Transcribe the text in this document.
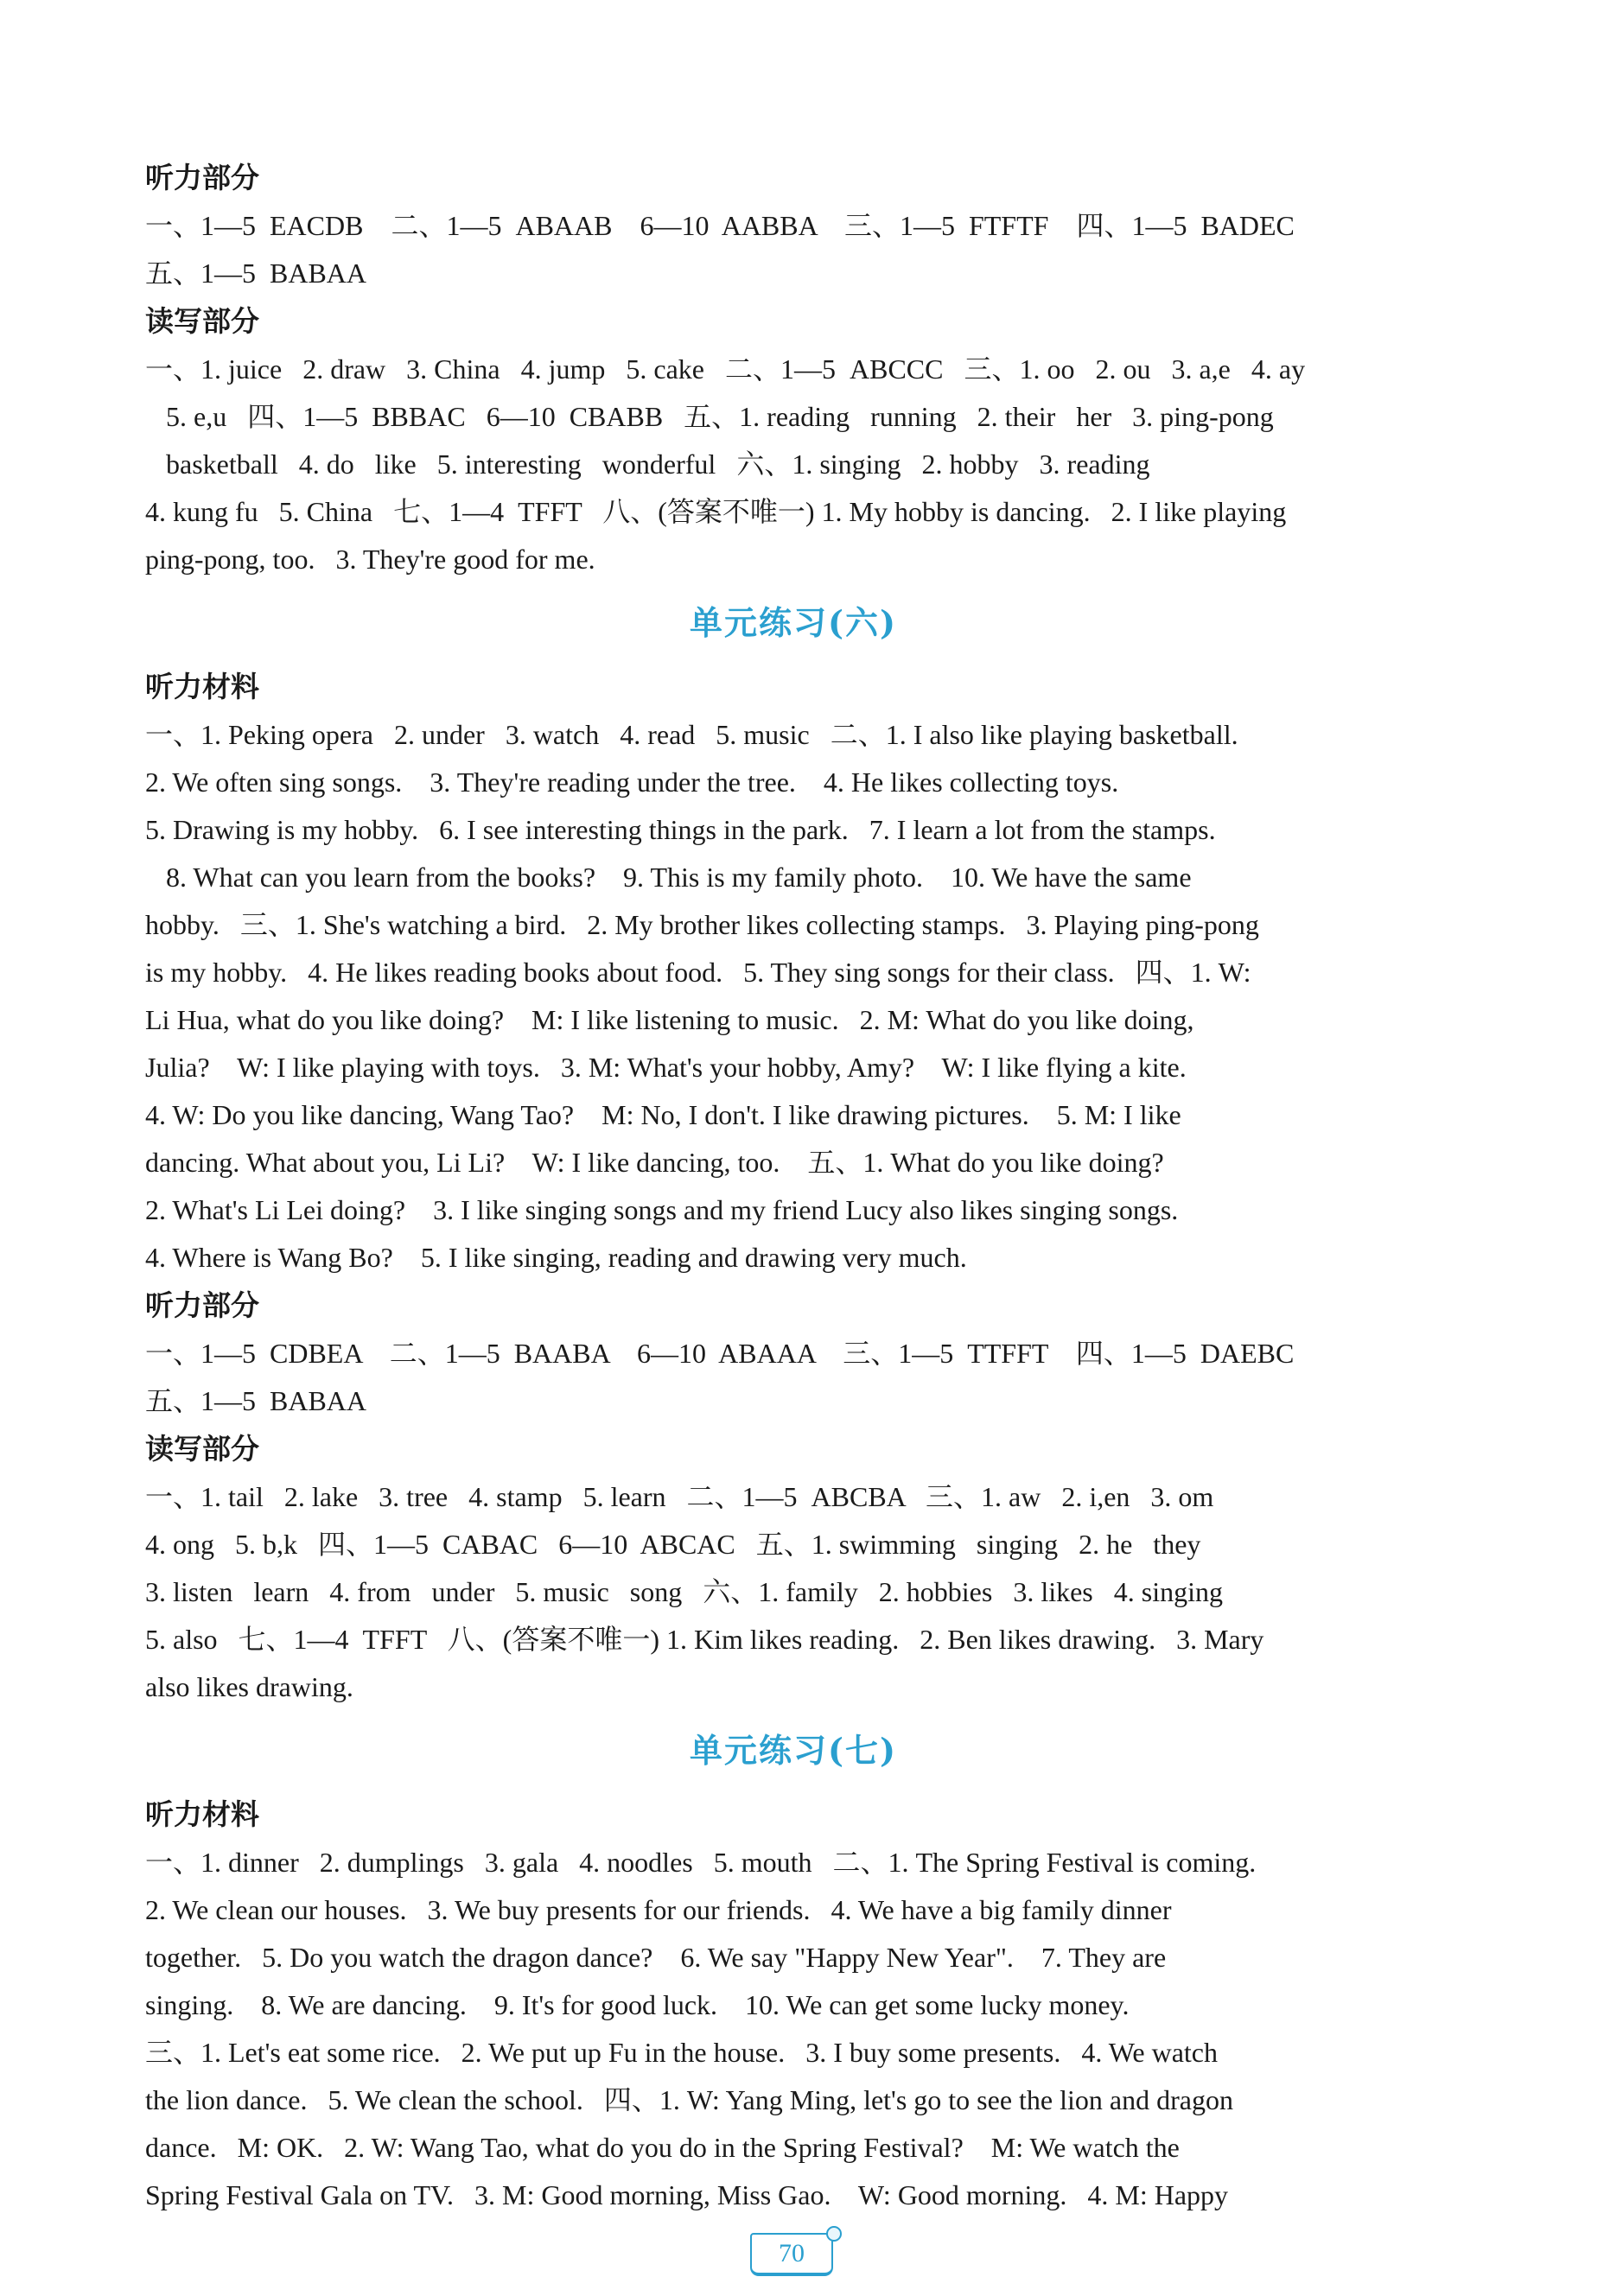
听力部分
一、1—5  EACDB    二、1—5  ABAAB    6—10  AABBA    三、1—5  FTFTF    四、1—5  BADEC
五、1—5  BABAA
读写部分
一、1. juice   2. draw   3. China   4. jump   5. cake   二、1—5  ABCCC   三、1. oo   2. ou   3. a,e   4. ay
5. e,u   四、1—5  BBBAC   6—10  CBABB   五、1. reading   running   2. their   her   3. ping-pong
basketball   4. do   like   5. interesting   wonderful   六、1. singing   2. hobby   3. reading
4. kung fu   5. China   七、1—4  TFFT   八、(答案不唯一) 1. My hobby is dancing.   2. I like playing
ping-pong, too.   3. They're good for me.
单元练习(六)
听力材料
一、1. Peking opera   2. under   3. watch   4. read   5. music   二、1. I also like playing basketball.
2. We often sing songs.    3. They're reading under the tree.    4. He likes collecting toys.
5. Drawing is my hobby.   6. I see interesting things in the park.   7. I learn a lot from the stamps.
8. What can you learn from the books?    9. This is my family photo.    10. We have the same
hobby.   三、1. She's watching a bird.   2. My brother likes collecting stamps.   3. Playing ping-pong
is my hobby.   4. He likes reading books about food.   5. They sing songs for their class.   四、1. W:
Li Hua, what do you like doing?    M: I like listening to music.   2. M: What do you like doing,
Julia?    W: I like playing with toys.   3. M: What's your hobby, Amy?    W: I like flying a kite.
4. W: Do you like dancing, Wang Tao?    M: No, I don't. I like drawing pictures.    5. M: I like
dancing. What about you, Li Li?    W: I like dancing, too.    五、1. What do you like doing?
2. What's Li Lei doing?    3. I like singing songs and my friend Lucy also likes singing songs.
4. Where is Wang Bo?    5. I like singing, reading and drawing very much.
听力部分
一、1—5  CDBEA    二、1—5  BAABA    6—10  ABAAA    三、1—5  TTFFT    四、1—5  DAEBC
五、1—5  BABAA
读写部分
一、1. tail   2. lake   3. tree   4. stamp   5. learn   二、1—5  ABCBA   三、1. aw   2. i,en   3. om
4. ong   5. b,k   四、1—5  CABAC   6—10  ABCAC   五、1. swimming   singing   2. he   they
3. listen   learn   4. from   under   5. music   song   六、1. family   2. hobbies   3. likes   4. singing
5. also   七、1—4  TFFT   八、(答案不唯一) 1. Kim likes reading.   2. Ben likes drawing.   3. Mary
also likes drawing.
单元练习(七)
听力材料
一、1. dinner   2. dumplings   3. gala   4. noodles   5. mouth   二、1. The Spring Festival is coming.
2. We clean our houses.   3. We buy presents for our friends.   4. We have a big family dinner
together.   5. Do you watch the dragon dance?    6. We say "Happy New Year".    7. They are
singing.    8. We are dancing.    9. It's for good luck.    10. We can get some lucky money.
三、1. Let's eat some rice.   2. We put up Fu in the house.   3. I buy some presents.   4. We watch
the lion dance.   5. We clean the school.   四、1. W: Yang Ming, let's go to see the lion and dragon
dance.   M: OK.   2. W: Wang Tao, what do you do in the Spring Festival?    M: We watch the
Spring Festival Gala on TV.   3. M: Good morning, Miss Gao.    W: Good morning.   4. M: Happy
70
